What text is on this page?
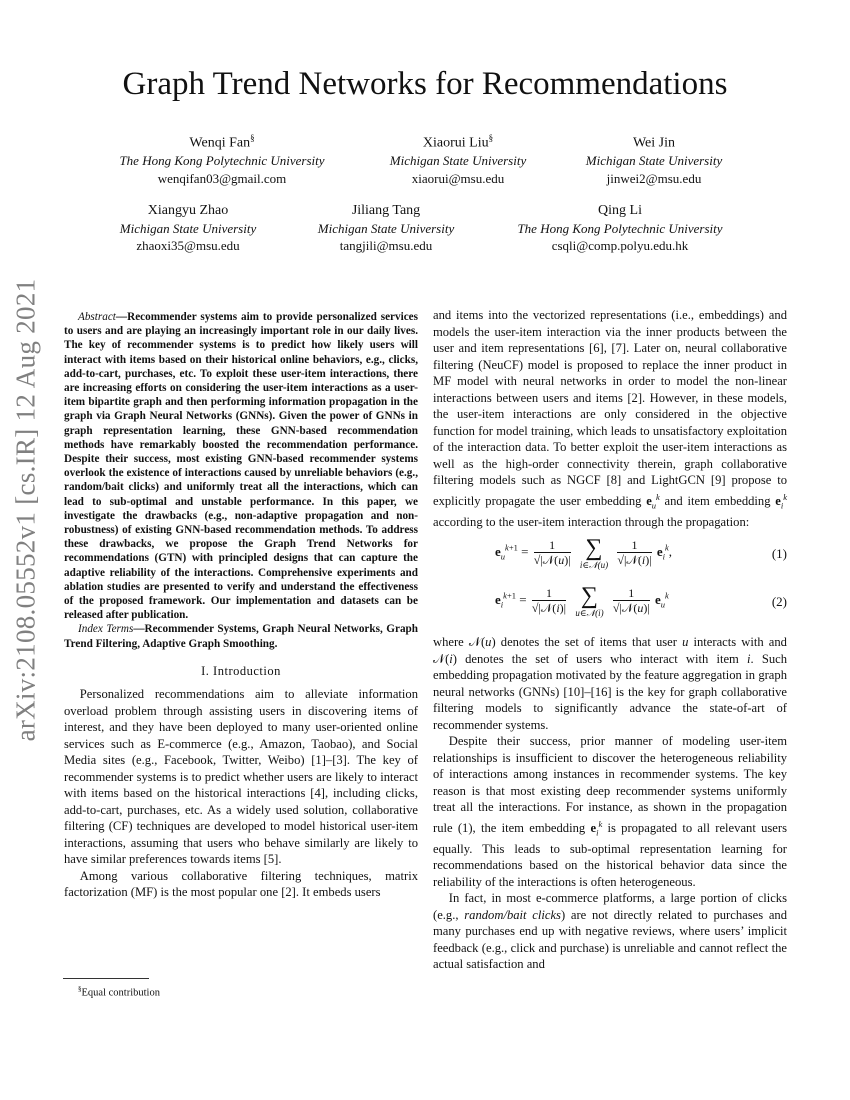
arXiv:2108.05552v1 [cs.IR] 12 Aug 2021
Graph Trend Networks for Recommendations
Wenqi Fan§
The Hong Kong Polytechnic University
wenqifan03@gmail.com
Xiaorui Liu§
Michigan State University
xiaorui@msu.edu
Wei Jin
Michigan State University
jinwei2@msu.edu
Xiangyu Zhao
Michigan State University
zhaoxi35@msu.edu
Jiliang Tang
Michigan State University
tangjili@msu.edu
Qing Li
The Hong Kong Polytechnic University
csqli@comp.polyu.edu.hk

Abstract—Recommender systems aim to provide personalized services to users and are playing an increasingly important role in our daily lives. The key of recommender systems is to predict how likely users will interact with items based on their historical online behaviors, e.g., clicks, add-to-cart, purchases, etc. To exploit these user-item interactions, there are increasing efforts on considering the user-item interactions as a user-item bipartite graph and then performing information propagation in the graph via Graph Neural Networks (GNNs). Given the power of GNNs in graph representation learning, these GNN-based recommendation methods have remarkably boosted the recommendation performance. Despite their success, most existing GNN-based recommender systems overlook the existence of interactions caused by unreliable behaviors (e.g., random/bait clicks) and uniformly treat all the interactions, which can lead to sub-optimal and unstable performance. In this paper, we investigate the drawbacks (e.g., non-adaptive propagation and non-robustness) of existing GNN-based recommendation methods. To address these drawbacks, we propose the Graph Trend Networks for recommendations (GTN) with principled designs that can capture the adaptive reliability of the interactions. Comprehensive experiments and ablation studies are presented to verify and understand the effectiveness of the proposed framework. Our implementation and datasets can be released after publication.

Index Terms—Recommender Systems, Graph Neural Networks, Graph Trend Filtering, Adaptive Graph Smoothing.

I. Introduction

Personalized recommendations aim to alleviate information overload problem through assisting users in discovering items of interest, and they have been deployed to many user-oriented online services such as E-commerce (e.g., Amazon, Taobao), and Social Media sites (e.g., Facebook, Twitter, Weibo) [1]–[3]. The key of recommender systems is to predict whether users are likely to interact with items based on the historical interactions [4], including clicks, add-to-cart, purchases, etc. As a widely used solution, collaborative filtering (CF) techniques are developed to model historical user-item interactions, assuming that users who behave similarly are likely to have similar preferences towards items [5].

Among various collaborative filtering techniques, matrix factorization (MF) is the most popular one [2]. It embeds users

§Equal contribution

and items into the vectorized representations (i.e., embeddings) and models the user-item interaction via the inner products between the user and item representations [6], [7]. Later on, neural collaborative filtering (NeuCF) model is proposed to replace the inner product in MF model with neural networks in order to model the non-linear interactions between users and items [2]. However, in these models, the user-item interactions are only considered in the objective function for model training, which leads to unsatisfactory exploitation of the interaction data. To better exploit the user-item interactions as well as the high-order connectivity therein, graph collaborative filtering models such as NGCF [8] and LightGCN [9] propose to explicitly propagate the user embedding $e_u^k$ and item embedding $e_i^k$ according to the user-item interaction through the propagation:

$e_u^{k+1} = \frac{1}{\text{√|𝒩(u)|}}$
∑
i∈𝒩(u)
$\frac{1}{\text{√|𝒩(i)|}} e_i^k$,	(1)
$e_i^{k+1} = \frac{1}{\text{√|𝒩(i)|}}$
∑
u∈𝒩(i)
$\frac{1}{\text{√|𝒩(u)|}} e_u^k$	(2)

where 𝒩(u) denotes the set of items that user u interacts with and 𝒩(i) denotes the set of users who interact with item i. Such embedding propagation motivated by the feature aggregation in graph neural networks (GNNs) [10]–[16] is the key for graph collaborative filtering models to significantly advance the state-of-art of recommender systems.

Despite their success, prior manner of modeling user-item relationships is insufficient to discover the heterogeneous reliability of interactions among instances in recommender systems. The key reason is that most existing deep recommender systems uniformly treat all the interactions. For instance, as shown in the propagation rule (1), the item embedding $e_i^k$ is propagated to all relevant users equally. This leads to sub-optimal representation learning for recommendations based on the historical behavior data since the reliability of the interactions is often heterogeneous.

In fact, in most e-commerce platforms, a large portion of clicks (e.g., random/bait clicks) are not directly related to purchases and many purchases end up with negative reviews, where users’ implicit feedback (e.g., click and purchase) is unreliable and cannot reflect the actual satisfaction and
